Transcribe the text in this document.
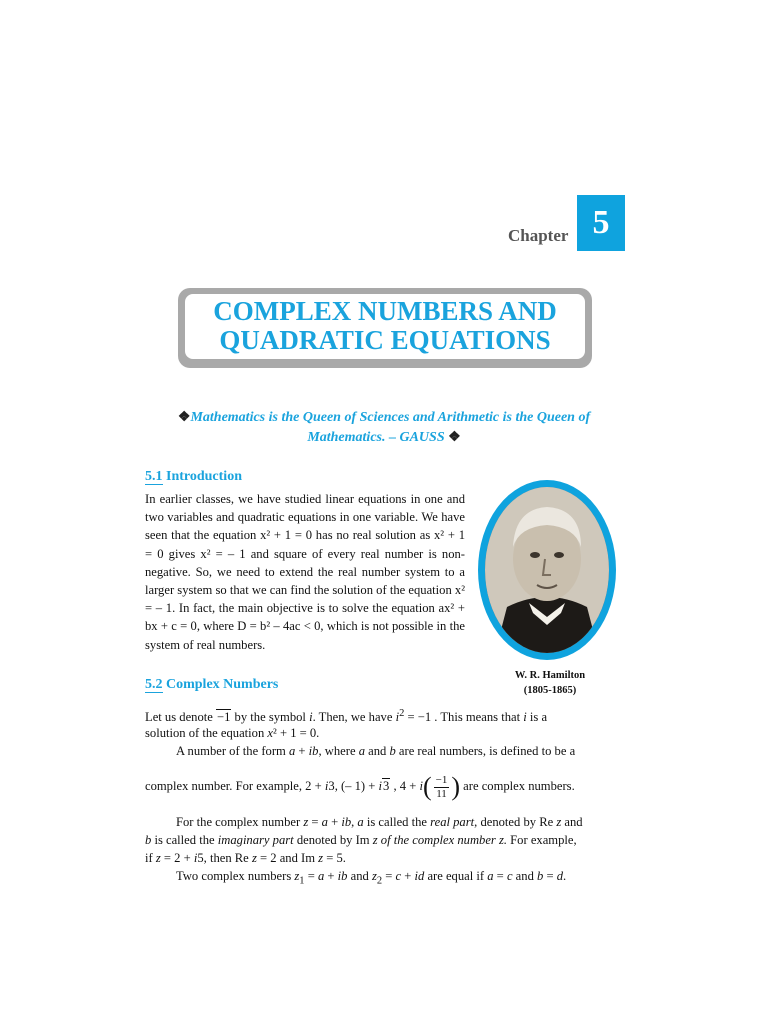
Chapter 5
COMPLEX NUMBERS AND
QUADRATIC EQUATIONS
❖Mathematics is the Queen of Sciences and Arithmetic is the Queen of Mathematics. – GAUSS ❖
5.1 Introduction
In earlier classes, we have studied linear equations in one and two variables and quadratic equations in one variable. We have seen that the equation x² + 1 = 0 has no real solution as x² + 1 = 0 gives x² = – 1 and square of every real number is non-negative. So, we need to extend the real number system to a larger system so that we can find the solution of the equation x² = – 1. In fact, the main objective is to solve the equation ax² + bx + c = 0, where D = b² – 4ac < 0, which is not possible in the system of real numbers.
W. R. Hamilton
(1805-1865)
5.2 Complex Numbers
Let us denote −1 by the symbol i. Then, we have $i^2 = -1$ . This means that i is a
solution of the equation x² + 1 = 0.
A number of the form a + ib, where a and b are real numbers, is defined to be a
complex number. For example, 2 + i3, (– 1) + i3 , $4 + i( \frac{-1}{11}$ ) are complex numbers.
For the complex number z = a + ib, a is called the real part, denoted by Re z and
b is called the imaginary part denoted by Im z of the complex number z. For example,
if z = 2 + i5, then Re z = 2 and Im z = 5.
Two complex numbers $z_1 = a$ + ib and $z_2 = c$ + id are equal if a = c and b = d.
